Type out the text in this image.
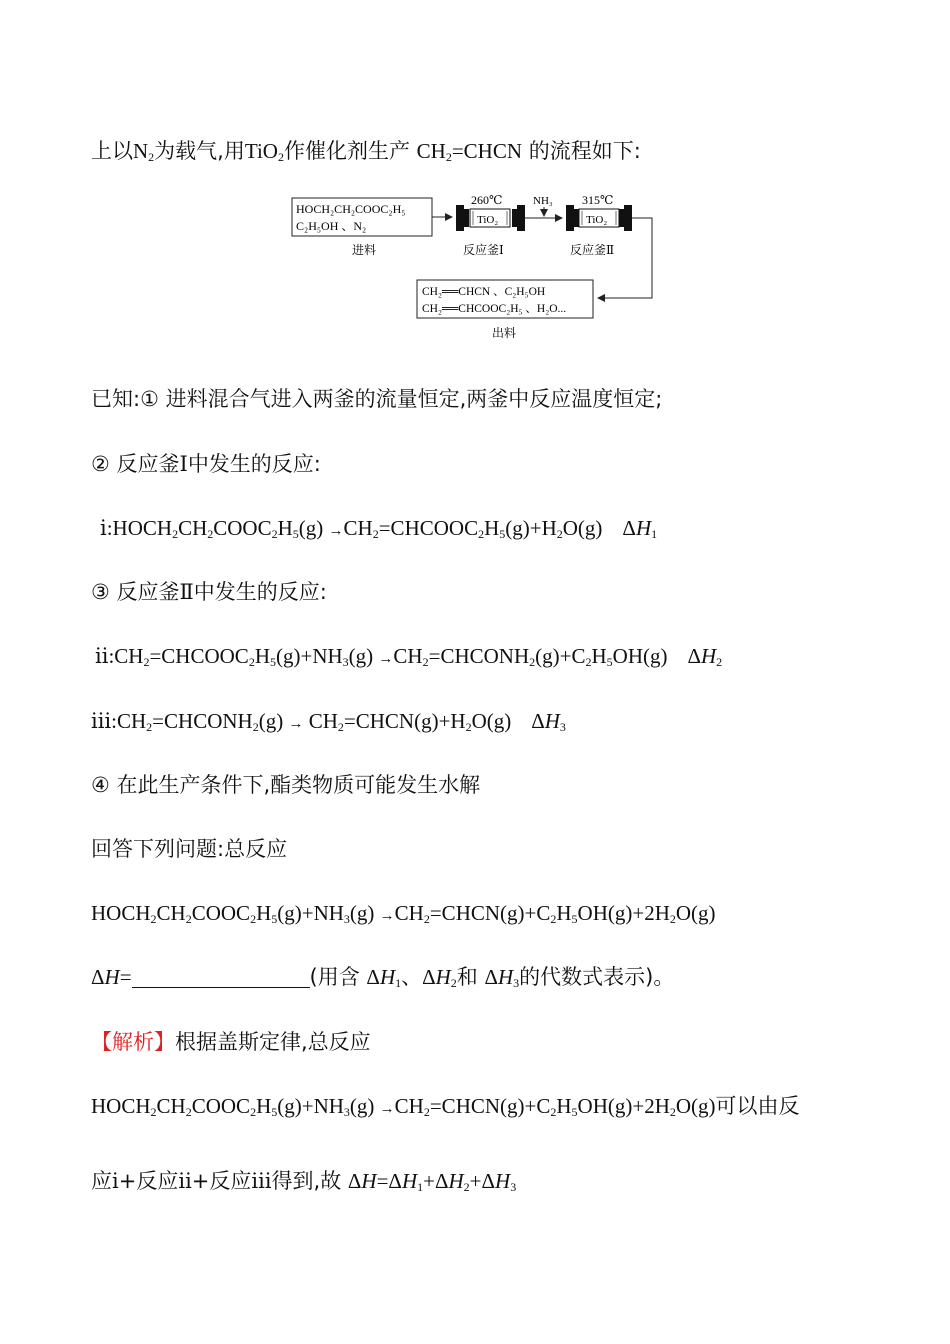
上以$N_2$为载气,用TiO$_2$作催化剂生产 $CH_2=CHCN$ 的流程如下:
HOCH₂CH₂COOC₂H₅
C₂H₅OH 、N₂
进料
TiO₂
260℃
反应釜Ⅰ
NH₃
TiO₂
315℃
反应釜Ⅱ
CH₂══CHCN 、C₂H₅OH
CH₂══CHCOOC₂H₅ 、H₂O...
出料
已知:① 进料混合气进入两釜的流量恒定,两釜中反应温度恒定;
② 反应釜Ⅰ中发生的反应:
$ⅰ:HOCH_2CH_2COOC_2H_5(g)$ $\to CH_2=CHCOOC_2H_5(g)+H_2O(g)$ $\Delta H_1$
③ 反应釜Ⅱ中发生的反应:
$ⅱ:CH_2=CHCOOC_2H_5(g)+NH_3(g)$ $\to CH_2=CHCONH_2(g)+C_2H_5OH(g)$ $\Delta H_2$
$ⅲ:CH_2=CHCONH_2(g)$ → $CH_2=CHCN(g)+H_2O(g)$ $\Delta H_3$
④ 在此生产条件下,酯类物质可能发生水解
回答下列问题:总反应
$HOCH_2CH_2COOC_2H_5(g)+NH_3(g)$ $\to CH_2=CHCN(g)+C_2H_5OH(g)+2H_2O(g)$
ΔH=	(用含 $\Delta H_1$、$\Delta H_2$和 $\Delta H_3$的代数式表示)。
【解析】根据盖斯定律,总反应
$HOCH_2CH_2COOC_2H_5(g)+NH_3(g)$ $\to CH_2=CHCN(g)+C_2H_5OH(g)+2H_2O(g)$可以由反
应ⅰ+反应ⅱ+反应ⅲ得到,故 $\Delta H=\Delta H_1+\Delta H_2+\Delta H_3$
